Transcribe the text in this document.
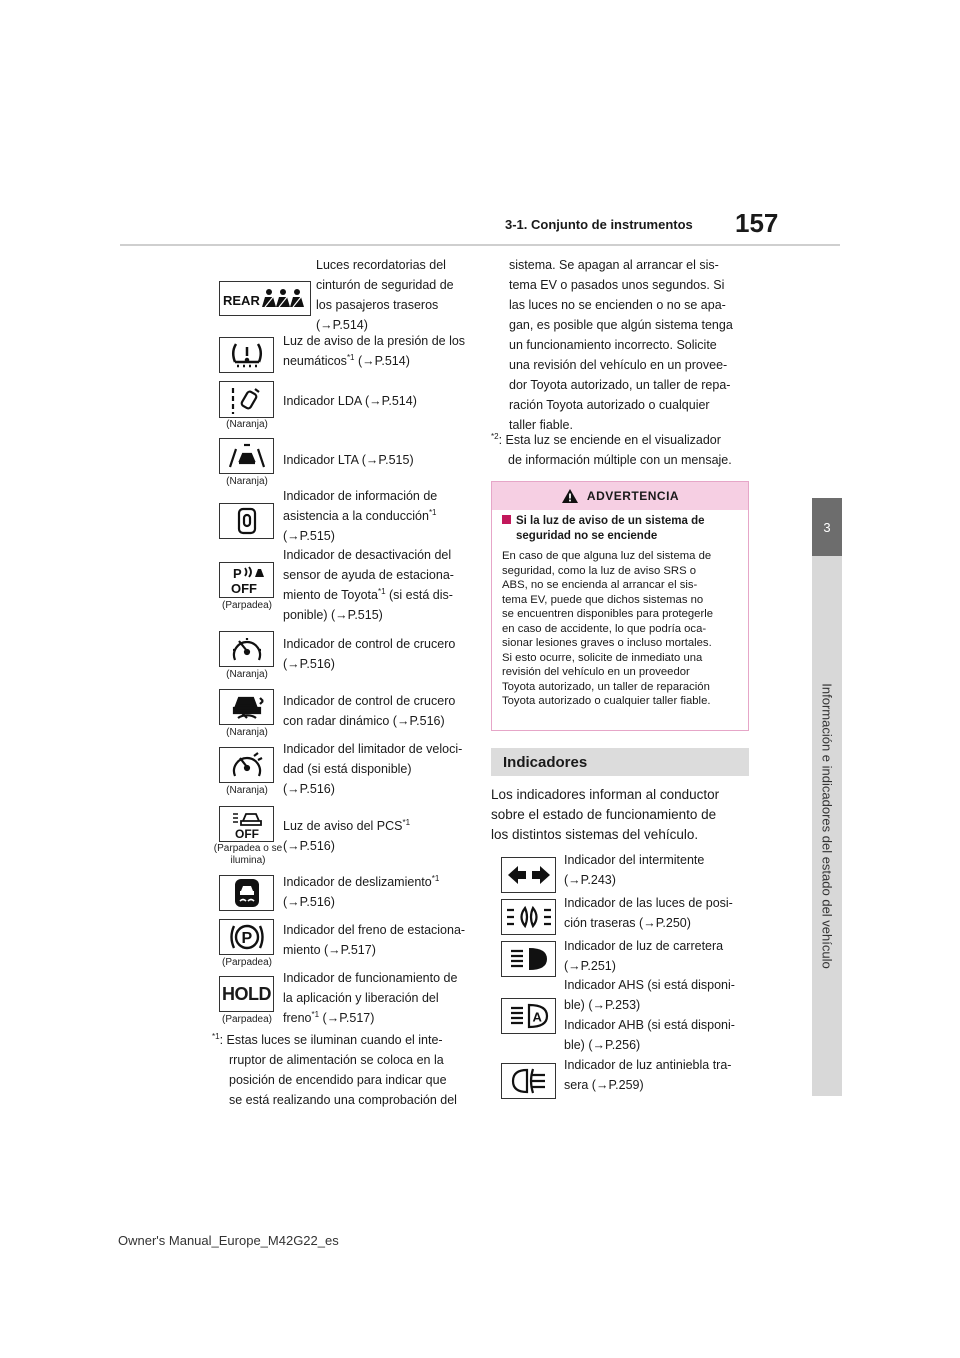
3-1. Conjunto de instrumentos 157
3
Información e indicadores del estado del vehículo
REAR
Luces recordatorias del
cinturón de seguridad de
los pasajeros traseros
(→P.514)
Luz de aviso de la presión de los
neumáticos$^{*1}$ (→P.514)
(Naranja)
Indicador LDA (→P.514)
(Naranja)
Indicador LTA (→P.515)
Indicador de información de
asistencia a la conducción$^{*1}$
(→P.515)
P
OFF
(Parpadea)
Indicador de desactivación del
sensor de ayuda de estaciona-
miento de Toyota$^{*1}$ (si está dis-
ponible) (→P.515)
(Naranja)
Indicador de control de crucero
(→P.516)
(Naranja)
Indicador de control de crucero
con radar dinámico (→P.516)
(Naranja)
Indicador del limitador de veloci-
dad (si está disponible)
(→P.516)
OFF
(Parpadea o se ilumina)
Luz de aviso del PCS$^{*1}$
(→P.516)
Indicador de deslizamiento$^{*1}$
(→P.516)
P
(Parpadea)
Indicador del freno de estaciona-
miento (→P.517)
HOLD
(Parpadea)
Indicador de funcionamiento de
la aplicación y liberación del
freno$^{*1}$ (→P.517)
$^{*1}$: Estas luces se iluminan cuando el inte-
rruptor de alimentación se coloca en la
posición de encendido para indicar que
se está realizando una comprobación del
sistema. Se apagan al arrancar el sis-
tema EV o pasados unos segundos. Si
las luces no se encienden o no se apa-
gan, es posible que algún sistema tenga
un funcionamiento incorrecto. Solicite
una revisión del vehículo en un provee-
dor Toyota autorizado, un taller de repa-
ración Toyota autorizado o cualquier
taller fiable.
$^{*2}$: Esta luz se enciende en el visualizador
de información múltiple con un mensaje.
ADVERTENCIA
Si la luz de aviso de un sistema de
seguridad no se enciende
En caso de que alguna luz del sistema de
seguridad, como la luz de aviso SRS o
ABS, no se encienda al arrancar el sis-
tema EV, puede que dichos sistemas no
se encuentren disponibles para protegerle
en caso de accidente, lo que podría oca-
sionar lesiones graves o incluso mortales.
Si esto ocurre, solicite de inmediato una
revisión del vehículo en un proveedor
Toyota autorizado, un taller de reparación
Toyota autorizado o cualquier taller fiable.
Indicadores
Los indicadores informan al conductor
sobre el estado de funcionamiento de
los distintos sistemas del vehículo.
Indicador del intermitente
(→P.243)
Indicador de las luces de posi-
ción traseras (→P.250)
Indicador de luz de carretera
(→P.251)
A
Indicador AHS (si está disponi-
ble) (→P.253)
Indicador AHB (si está disponi-
ble) (→P.256)
Indicador de luz antiniebla tra-
sera (→P.259)
Owner's Manual_Europe_M42G22_es
